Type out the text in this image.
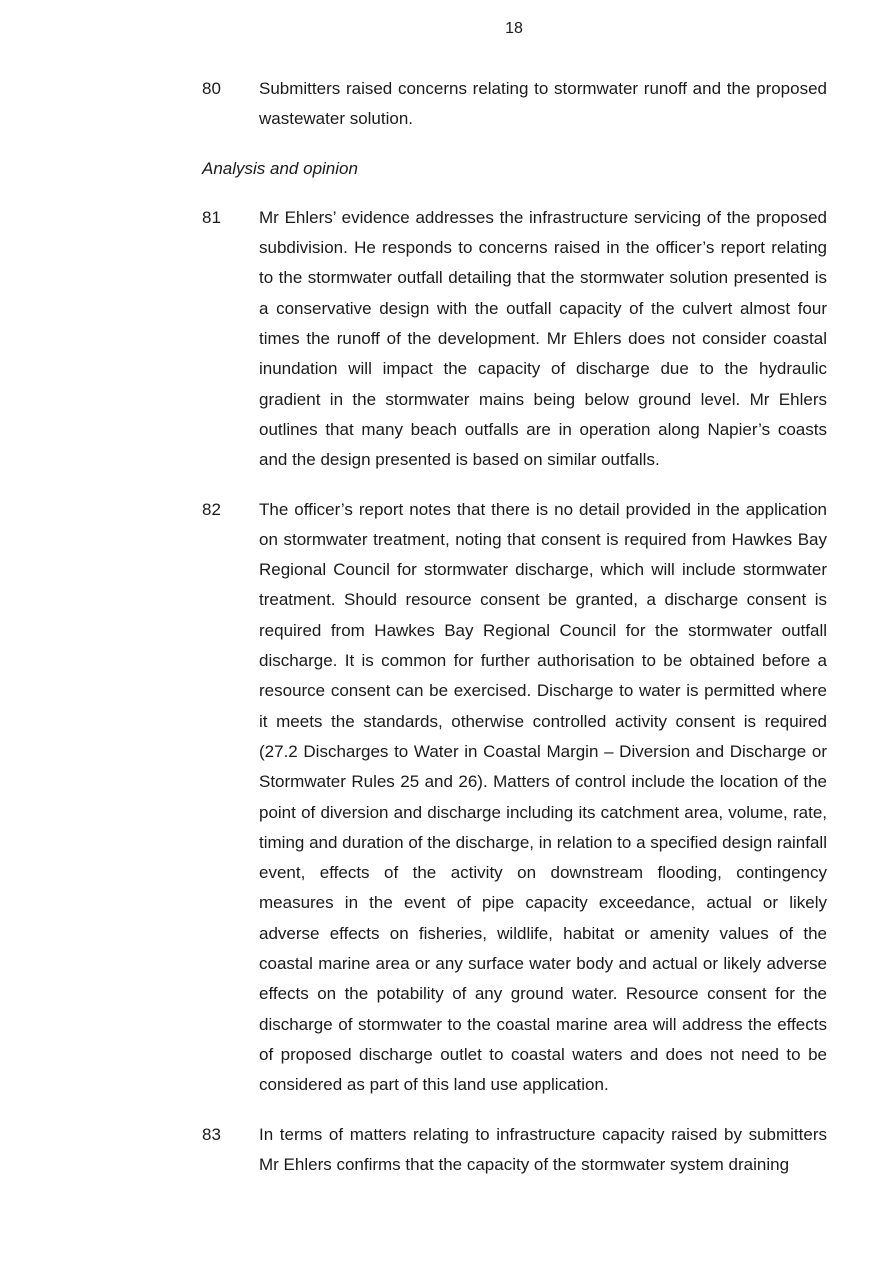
18
80	Submitters raised concerns relating to stormwater runoff and the proposed wastewater solution.

Analysis and opinion

81	Mr Ehlers’ evidence addresses the infrastructure servicing of the proposed subdivision. He responds to concerns raised in the officer’s report relating to the stormwater outfall detailing that the stormwater solution presented is a conservative design with the outfall capacity of the culvert almost four times the runoff of the development. Mr Ehlers does not consider coastal inundation will impact the capacity of discharge due to the hydraulic gradient in the stormwater mains being below ground level. Mr Ehlers outlines that many beach outfalls are in operation along Napier’s coasts and the design presented is based on similar outfalls.

82	The officer’s report notes that there is no detail provided in the application on stormwater treatment, noting that consent is required from Hawkes Bay Regional Council for stormwater discharge, which will include stormwater treatment. Should resource consent be granted, a discharge consent is required from Hawkes Bay Regional Council for the stormwater outfall discharge. It is common for further authorisation to be obtained before a resource consent can be exercised. Discharge to water is permitted where it meets the standards, otherwise controlled activity consent is required (27.2 Discharges to Water in Coastal Margin – Diversion and Discharge or Stormwater Rules 25 and 26). Matters of control include the location of the point of diversion and discharge including its catchment area, volume, rate, timing and duration of the discharge, in relation to a specified design rainfall event, effects of the activity on downstream flooding, contingency measures in the event of pipe capacity exceedance, actual or likely adverse effects on fisheries, wildlife, habitat or amenity values of the coastal marine area or any surface water body and actual or likely adverse effects on the potability of any ground water. Resource consent for the discharge of stormwater to the coastal marine area will address the effects of proposed discharge outlet to coastal waters and does not need to be considered as part of this land use application.

83	In terms of matters relating to infrastructure capacity raised by submitters Mr Ehlers confirms that the capacity of the stormwater system draining
